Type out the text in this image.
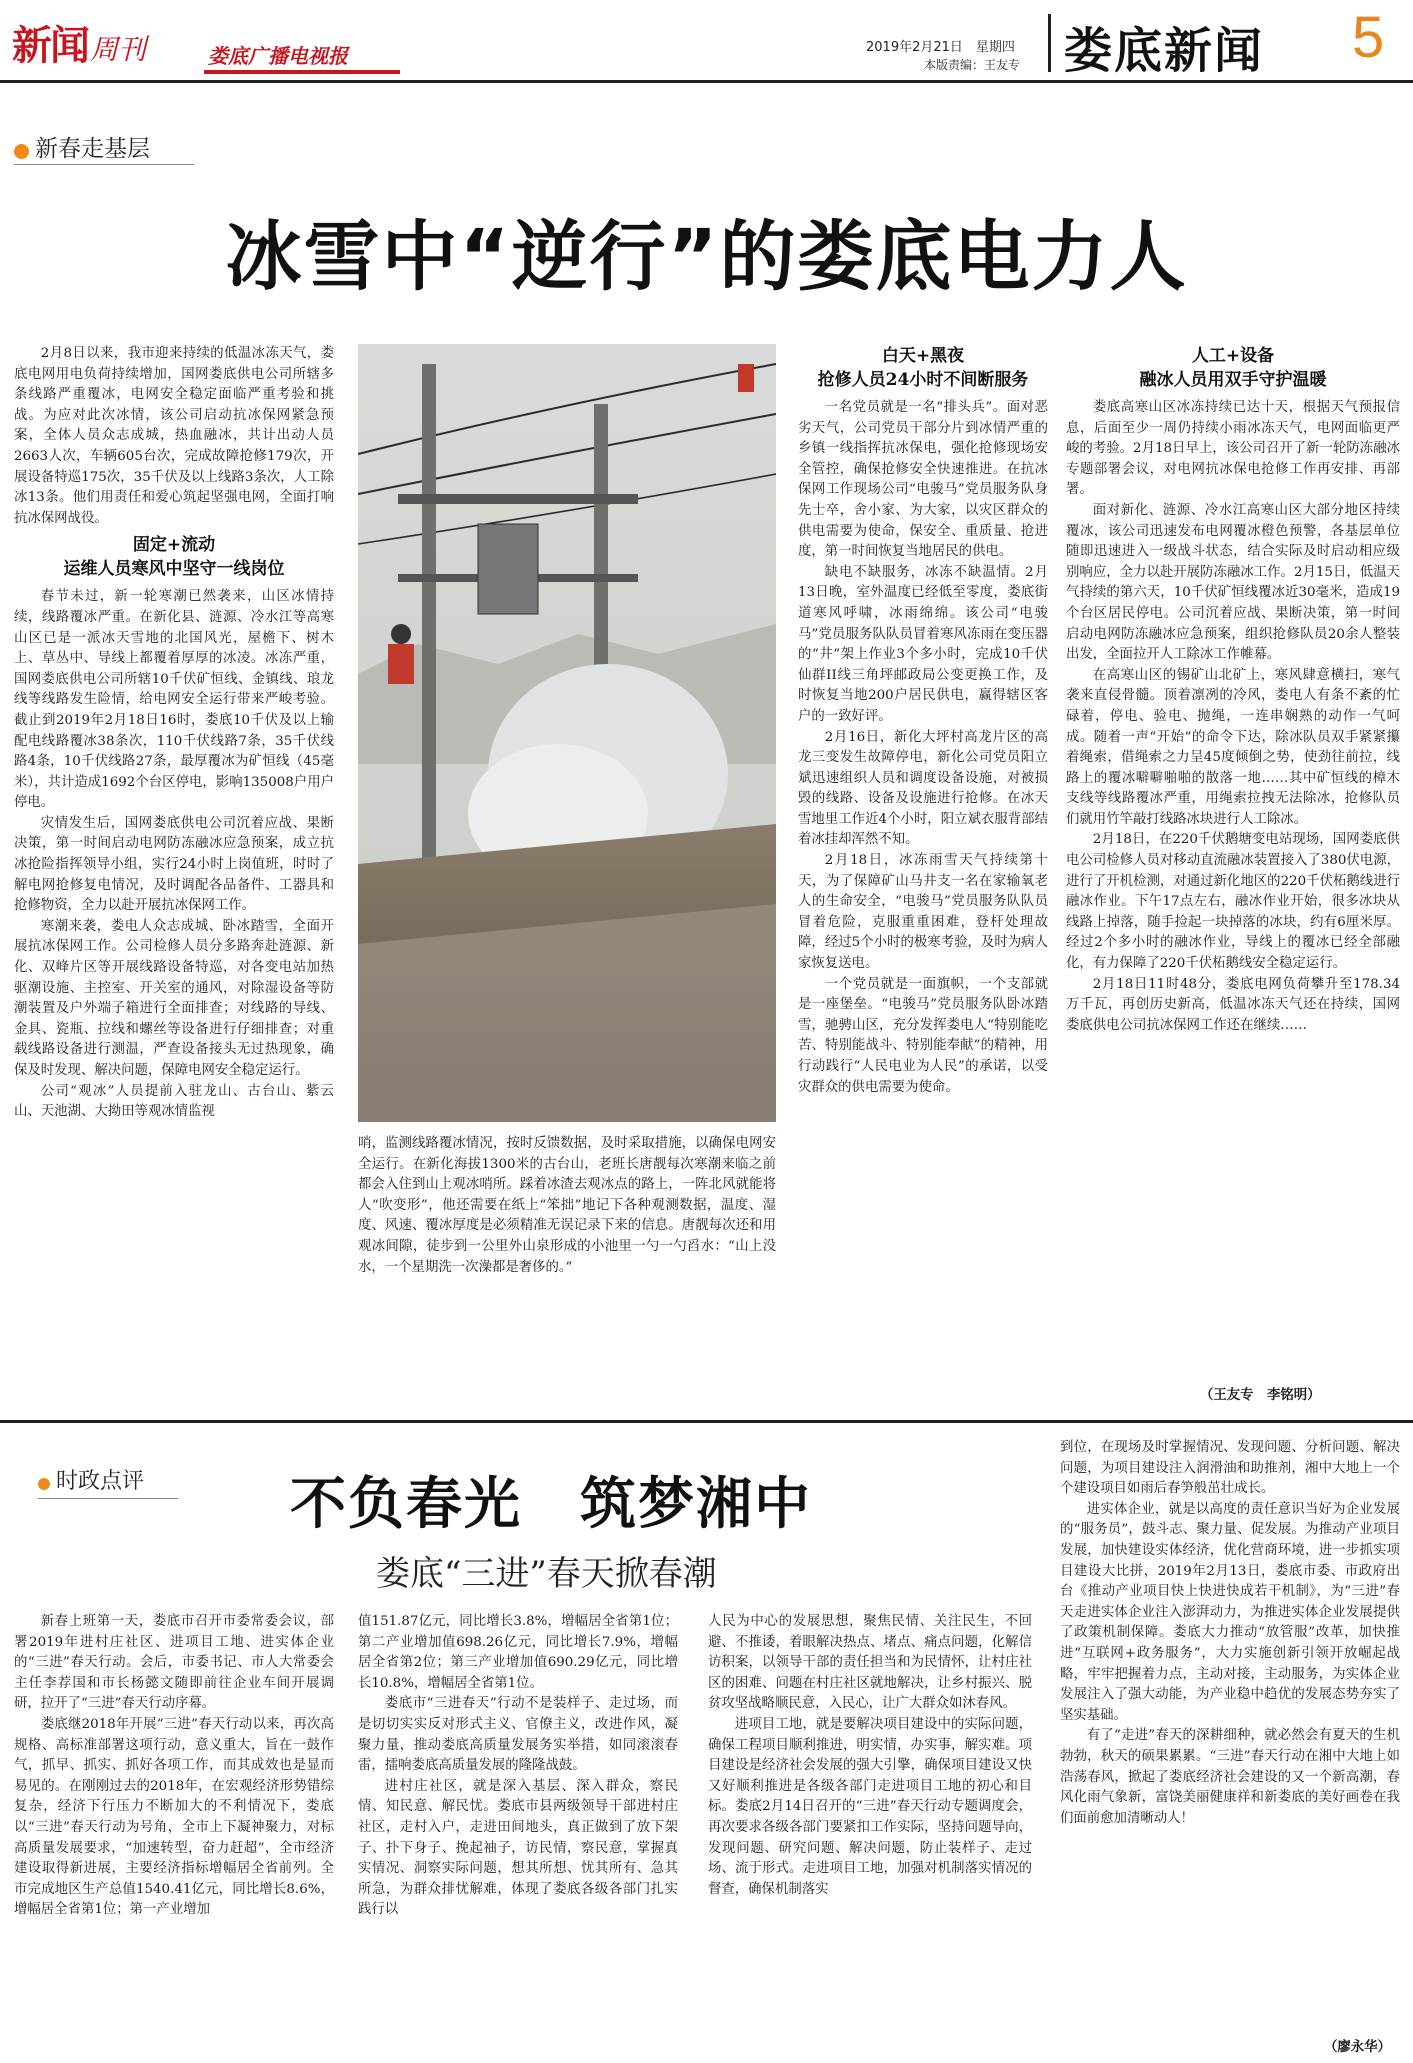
新闻周刊	娄底广播电视报	2019年2月21日　星期四
本版责编：王友专 娄底新闻 5
新春走基层
冰雪中“逆行”的娄底电力人

2月8日以来，我市迎来持续的低温冰冻天气，娄底电网用电负荷持续增加，国网娄底供电公司所辖多条线路严重覆冰，电网安全稳定面临严重考验和挑战。为应对此次冰情，该公司启动抗冰保网紧急预案，全体人员众志成城，热血融冰，共计出动人员2663人次，车辆605台次，完成故障抢修179次，开展设备特巡175次，35千伏及以上线路3条次，人工除冰13条。他们用责任和爱心筑起坚强电网，全面打响抗冰保网战役。

固定+流动
运维人员寒风中坚守一线岗位

春节未过，新一轮寒潮已然袭来，山区冰情持续，线路覆冰严重。在新化县、涟源、冷水江等高寒山区已是一派冰天雪地的北国风光，屋檐下、树木上、草丛中、导线上都覆着厚厚的冰凌。冰冻严重，国网娄底供电公司所辖10千伏矿恒线、金镇线、琅龙线等线路发生险情，给电网安全运行带来严峻考验。截止到2019年2月18日16时，娄底10千伏及以上输配电线路覆冰38条次，110千伏线路7条，35千伏线路4条，10千伏线路27条，最厚覆冰为矿恒线（45毫米），共计造成1692个台区停电，影响135008户用户停电。

灾情发生后，国网娄底供电公司沉着应战、果断决策，第一时间启动电网防冻融冰应急预案，成立抗冰抢险指挥领导小组，实行24小时上岗值班，时时了解电网抢修复电情况，及时调配各品备件、工器具和抢修物资，全力以赴开展抗冰保网工作。

寒潮来袭，娄电人众志成城、卧冰踏雪，全面开展抗冰保网工作。公司检修人员分多路奔赴涟源、新化、双峰片区等开展线路设备特巡，对各变电站加热驱潮设施、主控室、开关室的通风，对除湿设备等防潮装置及户外端子箱进行全面排查；对线路的导线、金具、瓷瓶、拉线和螺丝等设备进行仔细排查；对重载线路设备进行测温，严查设备接头无过热现象，确保及时发现、解决问题，保障电网安全稳定运行。

公司“观冰”人员提前入驻龙山、古台山、紫云山、天池湖、大拗田等观冰情监视

哨，监测线路覆冰情况，按时反馈数据，及时采取措施，以确保电网安全运行。在新化海拔1300米的古台山，老班长唐靓每次寒潮来临之前都会入住到山上观冰哨所。踩着冰渣去观冰点的路上，一阵北风就能将人“吹变形”，他还需要在纸上“笨拙”地记下各种观测数据，温度、湿度、风速、覆冰厚度是必须精准无误记录下来的信息。唐靓每次还和用观冰间隙，徒步到一公里外山泉形成的小池里一勺一勺舀水：“山上没水，一个星期洗一次澡都是奢侈的。”

白天+黑夜
抢修人员24小时不间断服务

一名党员就是一名“排头兵”。面对恶劣天气，公司党员干部分片到冰情严重的乡镇一线指挥抗冰保电，强化抢修现场安全管控，确保抢修安全快速推进。在抗冰保网工作现场公司“电骏马”党员服务队身先士卒，舍小家、为大家，以灾区群众的供电需要为使命，保安全、重质量、抢进度，第一时间恢复当地居民的供电。

缺电不缺服务，冰冻不缺温情。2月13日晚，室外温度已经低至零度，娄底街道寒风呼啸，冰雨绵绵。该公司“电骏马”党员服务队队员冒着寒风冻雨在变压器的“井”架上作业3个多小时，完成10千伏仙群II线三角坪邮政局公变更换工作，及时恢复当地200户居民供电，赢得辖区客户的一致好评。

2月16日，新化大坪村高龙片区的高龙三变发生故障停电，新化公司党员阳立斌迅速组织人员和调度设备设施，对被损毁的线路、设备及设施进行抢修。在冰天雪地里工作近4个小时，阳立斌衣服背部结着冰挂却浑然不知。

2月18日，冰冻雨雪天气持续第十天，为了保障矿山马井支一名在家输氧老人的生命安全，“电骏马”党员服务队队员冒着危险，克服重重困难，登杆处理故障，经过5个小时的极寒考验，及时为病人家恢复送电。

一个党员就是一面旗帜，一个支部就是一座堡垒。“电骏马”党员服务队卧冰踏雪，驰骋山区，充分发挥娄电人“特别能吃苦、特别能战斗、特别能奉献”的精神，用行动践行“人民电业为人民”的承诺，以受灾群众的供电需要为使命。

人工+设备
融冰人员用双手守护温暖

娄底高寒山区冰冻持续已达十天，根据天气预报信息，后面至少一周仍持续小雨冰冻天气，电网面临更严峻的考验。2月18日早上，该公司召开了新一轮防冻融冰专题部署会议，对电网抗冰保电抢修工作再安排、再部署。

面对新化、涟源、冷水江高寒山区大部分地区持续覆冰，该公司迅速发布电网覆冰橙色预警，各基层单位随即迅速进入一级战斗状态，结合实际及时启动相应级别响应，全力以赴开展防冻融冰工作。2月15日，低温天气持续的第六天，10千伏矿恒线覆冰近30毫米，造成19个台区居民停电。公司沉着应战、果断决策，第一时间启动电网防冻融冰应急预案，组织抢修队员20余人整装出发，全面拉开人工除冰工作帷幕。

在高寒山区的锡矿山北矿上，寒风肆意横扫，寒气袭来直侵骨髓。顶着凛冽的冷风，娄电人有条不紊的忙碌着，停电、验电、抛绳，一连串娴熟的动作一气呵成。随着一声“开始”的命令下达，除冰队员双手紧紧攥着绳索，借绳索之力呈45度倾倒之势，使劲往前拉，线路上的覆冰噼噼啪啪的散落一地……其中矿恒线的樟木支线等线路覆冰严重，用绳索拉拽无法除冰，抢修队员们就用竹竿敲打线路冰块进行人工除冰。

2月18日，在220千伏鹅塘变电站现场，国网娄底供电公司检修人员对移动直流融冰装置接入了380伏电源，进行了开机检测，对通过新化地区的220千伏柘鹅线进行融冰作业。下午17点左右，融冰作业开始，很多冰块从线路上掉落，随手捡起一块掉落的冰块，约有6厘米厚。经过2个多小时的融冰作业，导线上的覆冰已经全部融化，有力保障了220千伏柘鹅线安全稳定运行。

2月18日11时48分，娄底电网负荷攀升至178.34万千瓦，再创历史新高，低温冰冻天气还在持续，国网娄底供电公司抗冰保网工作还在继续……

（王友专　李铭明）
时政点评	不负春光　筑梦湘中
娄底“三进”春天掀春潮

新春上班第一天，娄底市召开市委常委会议，部署2019年进村庄社区、进项目工地、进实体企业的“三进”春天行动。会后，市委书记、市人大常委会主任李荐国和市长杨懿文随即前往企业车间开展调研，拉开了“三进”春天行动序幕。

娄底继2018年开展“三进”春天行动以来，再次高规格、高标准部署这项行动，意义重大，旨在一鼓作气，抓早、抓实、抓好各项工作，而其成效也是显而易见的。在刚刚过去的2018年，在宏观经济形势错综复杂，经济下行压力不断加大的不利情况下，娄底以“三进”春天行动为号角，全市上下凝神聚力，对标高质量发展要求，“加速转型，奋力赶超”，全市经济建设取得新进展，主要经济指标增幅居全省前列。全市完成地区生产总值1540.41亿元，同比增长8.6%，增幅居全省第1位；第一产业增加

值151.87亿元，同比增长3.8%，增幅居全省第1位；第二产业增加值698.26亿元，同比增长7.9%，增幅居全省第2位；第三产业增加值690.29亿元，同比增长10.8%，增幅居全省第1位。

娄底市“三进春天”行动不是装样子、走过场，而是切切实实反对形式主义、官僚主义，改进作风，凝聚力量，推动娄底高质量发展务实举措，如同滚滚春雷，擂响娄底高质量发展的隆隆战鼓。

进村庄社区，就是深入基层、深入群众，察民情、知民意、解民忧。娄底市县两级领导干部进村庄社区，走村入户，走进田间地头，真正做到了放下架子、扑下身子、挽起袖子，访民情，察民意，掌握真实情况、洞察实际问题，想其所想、忧其所有、急其所急，为群众排忧解难，体现了娄底各级各部门扎实践行以

人民为中心的发展思想，聚焦民情、关注民生，不回避、不推诿，着眼解决热点、堵点、痛点问题，化解信访积案，以领导干部的责任担当和为民情怀，让村庄社区的困难、问题在村庄社区就地解决，让乡村振兴、脱贫攻坚战略顺民意，入民心，让广大群众如沐春风。

进项目工地，就是要解决项目建设中的实际问题，确保工程项目顺利推进，明实情，办实事，解实难。项目建设是经济社会发展的强大引擎，确保项目建设又快又好顺利推进是各级各部门走进项目工地的初心和目标。娄底2月14日召开的“三进”春天行动专题调度会，再次要求各级各部门要紧扣工作实际，坚持问题导向，发现问题、研究问题、解决问题，防止装样子、走过场、流于形式。走进项目工地，加强对机制落实情况的督查，确保机制落实

到位，在现场及时掌握情况、发现问题、分析问题、解决问题，为项目建设注入润滑油和助推剂，湘中大地上一个个建设项目如雨后春笋般茁壮成长。

进实体企业，就是以高度的责任意识当好为企业发展的“服务员”，鼓斗志、聚力量、促发展。为推动产业项目发展，加快建设实体经济，优化营商环境，进一步抓实项目建设大比拼，2019年2月13日，娄底市委、市政府出台《推动产业项目快上快进快成若干机制》，为“三进”春天走进实体企业注入澎湃动力，为推进实体企业发展提供了政策机制保障。娄底大力推动“放管服”改革，加快推进“互联网+政务服务”，大力实施创新引领开放崛起战略，牢牢把握着力点，主动对接，主动服务，为实体企业发展注入了强大动能，为产业稳中趋优的发展态势夯实了坚实基础。

有了“走进”春天的深耕细种，就必然会有夏天的生机勃勃，秋天的硕果累累。“三进”春天行动在湘中大地上如浩荡春风，掀起了娄底经济社会建设的又一个新高潮，春风化雨气象新，富饶美丽健康祥和新娄底的美好画卷在我们面前愈加清晰动人！

（廖永华）
